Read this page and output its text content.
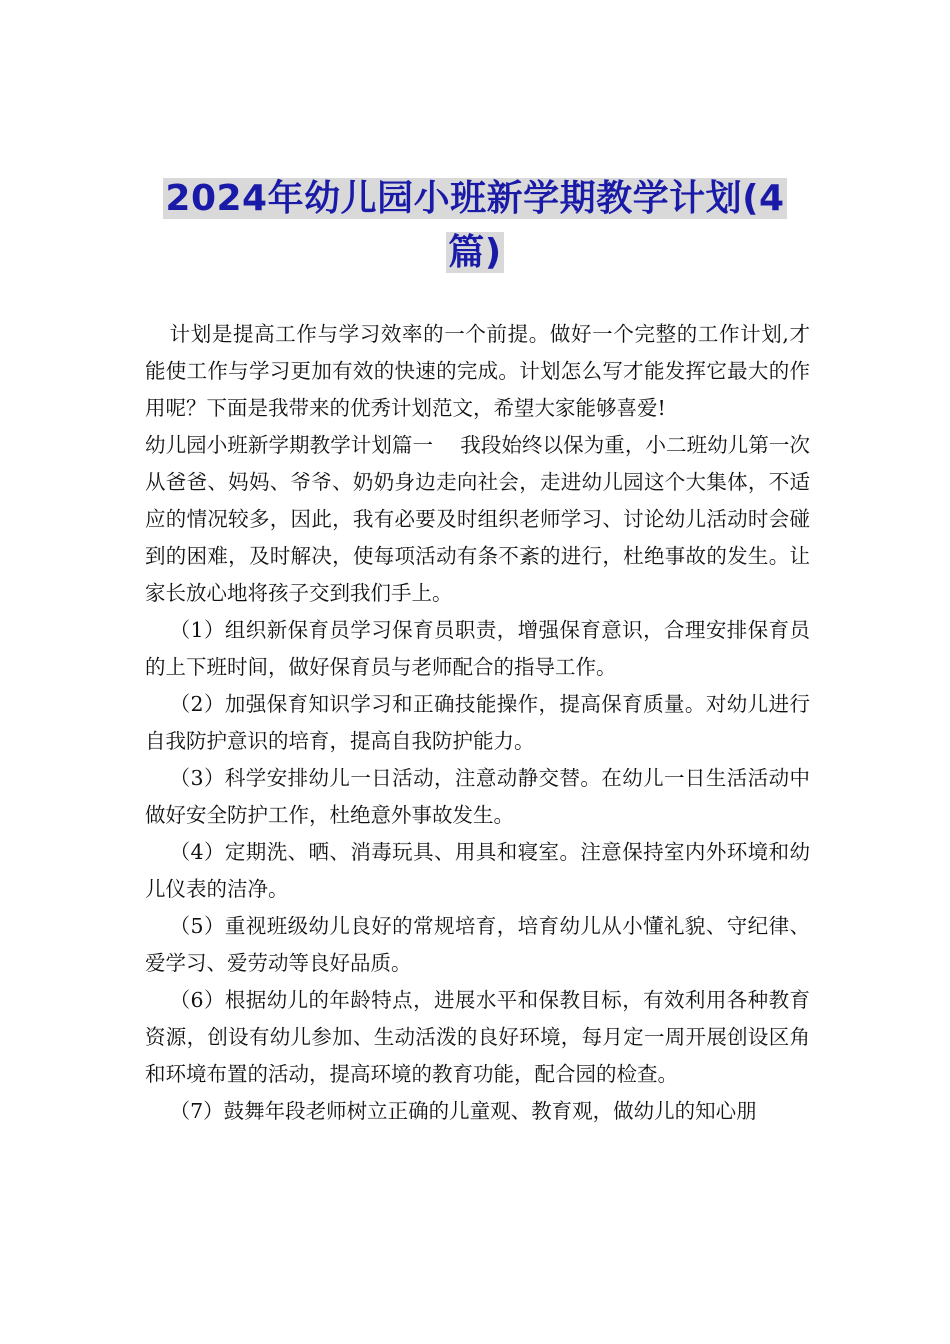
2024年幼儿园小班新学期教学计划(4
篇)

计划是提高工作与学习效率的一个前提。做好一个完整的工作计划,才能使工作与学习更加有效的快速的完成。计划怎么写才能发挥它最大的作用呢？下面是我带来的优秀计划范文，希望大家能够喜爱!

幼儿园小班新学期教学计划篇一　 我段始终以保为重，小二班幼儿第一次从爸爸、妈妈、爷爷、奶奶身边走向社会，走进幼儿园这个大集体，不适应的情况较多，因此，我有必要及时组织老师学习、讨论幼儿活动时会碰到的困难，及时解决，使每项活动有条不紊的进行，杜绝事故的发生。让家长放心地将孩子交到我们手上。

（1）组织新保育员学习保育员职责，增强保育意识，合理安排保育员的上下班时间，做好保育员与老师配合的指导工作。

（2）加强保育知识学习和正确技能操作，提高保育质量。对幼儿进行自我防护意识的培育，提高自我防护能力。

（3）科学安排幼儿一日活动，注意动静交替。在幼儿一日生活活动中做好安全防护工作，杜绝意外事故发生。

（4）定期洗、晒、消毒玩具、用具和寝室。注意保持室内外环境和幼儿仪表的洁净。

（5）重视班级幼儿良好的常规培育，培育幼儿从小懂礼貌、守纪律、爱学习、爱劳动等良好品质。

（6）根据幼儿的年龄特点，进展水平和保教目标，有效利用各种教育资源，创设有幼儿参加、生动活泼的良好环境，每月定一周开展创设区角和环境布置的活动，提高环境的教育功能，配合园的检查。

（7）鼓舞年段老师树立正确的儿童观、教育观，做幼儿的知心朋
